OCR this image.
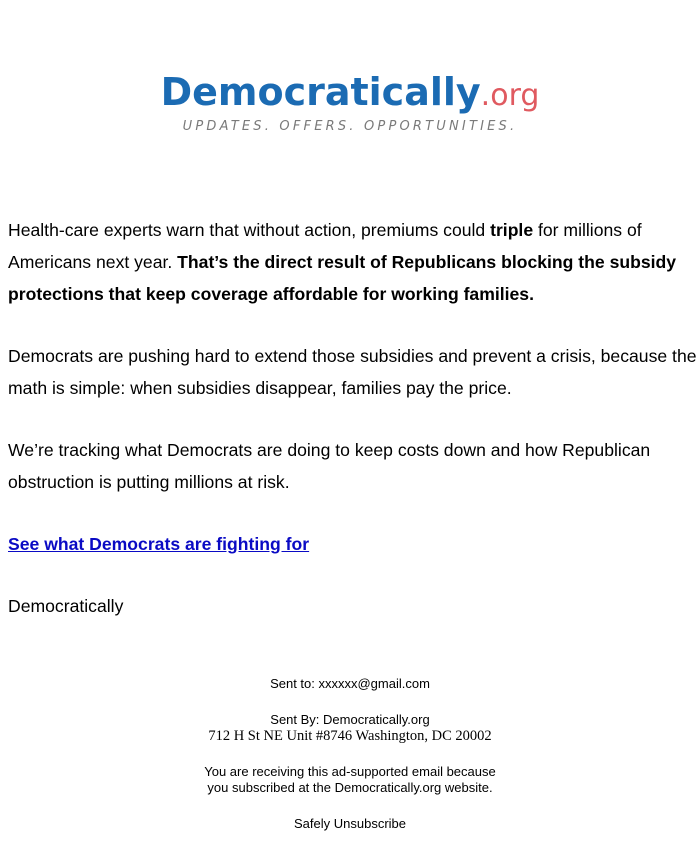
Democratically.org
UPDATES. OFFERS. OPPORTUNITIES.

Health-care experts warn that without action, premiums could triple for millions of Americans next year. That’s the direct result of Republicans blocking the subsidy protections that keep coverage affordable for working families.

Democrats are pushing hard to extend those subsidies and prevent a crisis, because the math is simple: when subsidies disappear, families pay the price.

We’re tracking what Democrats are doing to keep costs down and how Republican obstruction is putting millions at risk.

See what Democrats are fighting for

Democratically

Sent to: xxxxxx@gmail.com

Sent By: Democratically.org

712 H St NE Unit #8746 Washington, DC 20002

You are receiving this ad-supported email because

you subscribed at the Democratically.org website.

Safely Unsubscribe
